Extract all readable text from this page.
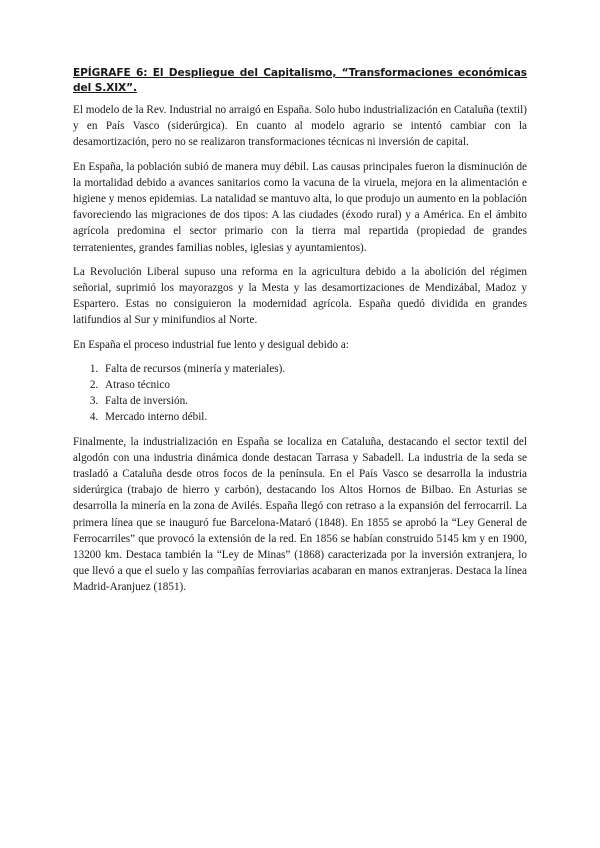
EPÍGRAFE 6: El Despliegue del Capitalismo, “Transformaciones económicas del S.XIX”.

El modelo de la Rev. Industrial no arraigó en España. Solo hubo industrialización en Cataluña (textil) y en País Vasco (siderúrgica). En cuanto al modelo agrario se intentó cambiar con la desamortización, pero no se realizaron transformaciones técnicas ni inversión de capital.

En España, la población subió de manera muy débil. Las causas principales fueron la disminución de la mortalidad debido a avances sanitarios como la vacuna de la viruela, mejora en la alimentación e higiene y menos epidemias. La natalidad se mantuvo alta, lo que produjo un aumento en la población favoreciendo las migraciones de dos tipos: A las ciudades (éxodo rural) y a América. En el ámbito agrícola predomina el sector primario con la tierra mal repartida (propiedad de grandes terratenientes, grandes familias nobles, iglesias y ayuntamientos).

La Revolución Liberal supuso una reforma en la agricultura debido a la abolición del régimen señorial, suprimió los mayorazgos y la Mesta y las desamortizaciones de Mendizábal, Madoz y Espartero. Estas no consiguieron la modernidad agrícola. España quedó dividida en grandes latifundios al Sur y minifundios al Norte.

En España el proceso industrial fue lento y desigual debido a:

1. Falta de recursos (minería y materiales).
2. Atraso técnico
3. Falta de inversión.
4. Mercado interno débil.

Finalmente, la industrialización en España se localiza en Cataluña, destacando el sector textil del algodón con una industria dinámica donde destacan Tarrasa y Sabadell. La industria de la seda se trasladó a Cataluña desde otros focos de la península. En el País Vasco se desarrolla la industria siderúrgica (trabajo de hierro y carbón), destacando los Altos Hornos de Bilbao. En Asturias se desarrolla la minería en la zona de Avilés. España llegó con retraso a la expansión del ferrocarril. La primera línea que se inauguró fue Barcelona-Mataró (1848). En 1855 se aprobó la “Ley General de Ferrocarriles” que provocó la extensión de la red. En 1856 se habían construido 5145 km y en 1900, 13200 km. Destaca también la “Ley de Minas” (1868) caracterizada por la inversión extranjera, lo que llevó a que el suelo y las compañías ferroviarias acabaran en manos extranjeras. Destaca la línea Madrid-Aranjuez (1851).
